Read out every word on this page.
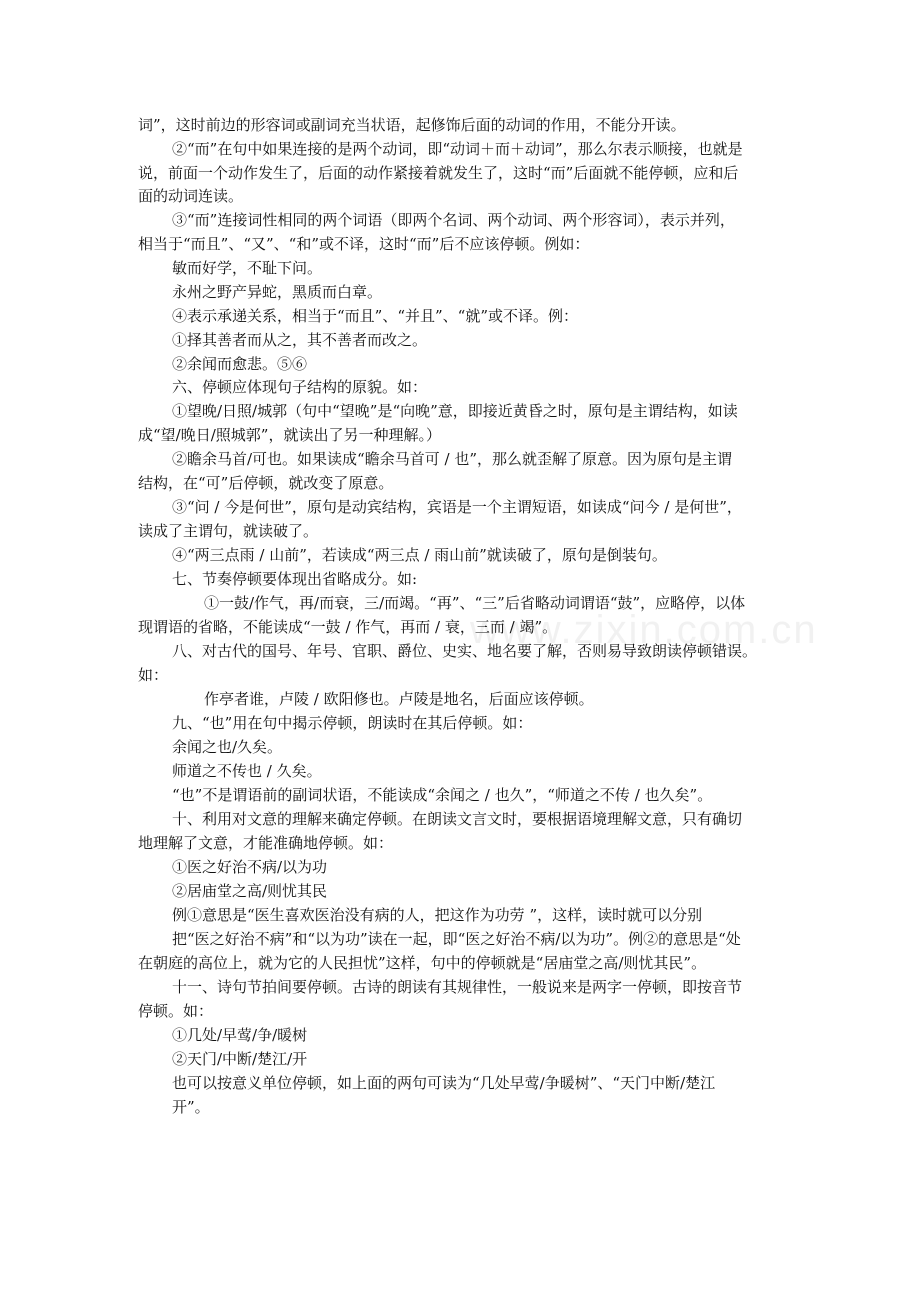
www.zixin.com.cn
词”，这时前边的形容词或副词充当状语，起修饰后面的动词的作用，不能分开读。
②“而”在句中如果连接的是两个动词，即“动词＋而＋动词”，那么尔表示顺接，也就是
说，前面一个动作发生了，后面的动作紧接着就发生了，这时“而”后面就不能停顿，应和后
面的动词连读。
③“而”连接词性相同的两个词语（即两个名词、两个动词、两个形容词），表示并列，
相当于“而且”、“又”、“和”或不译，这时“而”后不应该停顿。例如：
敏而好学，不耻下问。
永州之野产异蛇，黑质而白章。
④表示承递关系，相当于“而且”、“并且”、“就”或不译。例：
①择其善者而从之，其不善者而改之。
②余闻而愈悲。⑤⑥
六、停顿应体现句子结构的原貌。如：
①望晚/日照/城郭（句中“望晚”是“向晚”意，即接近黄昏之时，原句是主谓结构，如读
成“望/晚日/照城郭”，就读出了另一种理解。）
②瞻余马首/可也。如果读成“瞻余马首可 / 也”，那么就歪解了原意。因为原句是主谓
结构，在“可”后停顿，就改变了原意。
③“问 / 今是何世”，原句是动宾结构，宾语是一个主谓短语，如读成“问今 / 是何世”，
读成了主谓句，就读破了。
④“两三点雨 / 山前”，若读成“两三点 / 雨山前”就读破了，原句是倒装句。
七、节奏停顿要体现出省略成分。如:
①一鼓/作气，再/而衰，三/而竭。“再”、“三”后省略动词谓语“鼓”，应略停，以体
现谓语的省略，不能读成“一鼓 / 作气，再而 / 衰，三而 / 竭”。
八、对古代的国号、年号、官职、爵位、史实、地名要了解，否则易导致朗读停顿错误。
如：
作亭者谁，卢陵 / 欧阳修也。卢陵是地名，后面应该停顿。
九、“也”用在句中揭示停顿，朗读时在其后停顿。如：
余闻之也/久矣。
师道之不传也 / 久矣。
“也”不是谓语前的副词状语，不能读成“余闻之 / 也久”，“师道之不传 / 也久矣”。
十、利用对文意的理解来确定停顿。在朗读文言文时，要根据语境理解文意，只有确切
地理解了文意，才能准确地停顿。如：
①医之好治不病/以为功
②居庙堂之高/则忧其民
例①意思是“医生喜欢医治没有病的人，把这作为功劳 ”，这样，读时就可以分别
把“医之好治不病”和“以为功”读在一起，即“医之好治不病/以为功”。例②的意思是“处
在朝庭的高位上，就为它的人民担忧”这样，句中的停顿就是“居庙堂之高/则忧其民”。
十一、诗句节拍间要停顿。古诗的朗读有其规律性，一般说来是两字一停顿，即按音节
停顿。如：
①几处/早莺/争/暖树
②天门/中断/楚江/开
也可以按意义单位停顿，如上面的两句可读为“几处早莺/争暖树”、“天门中断/楚江
开”。
